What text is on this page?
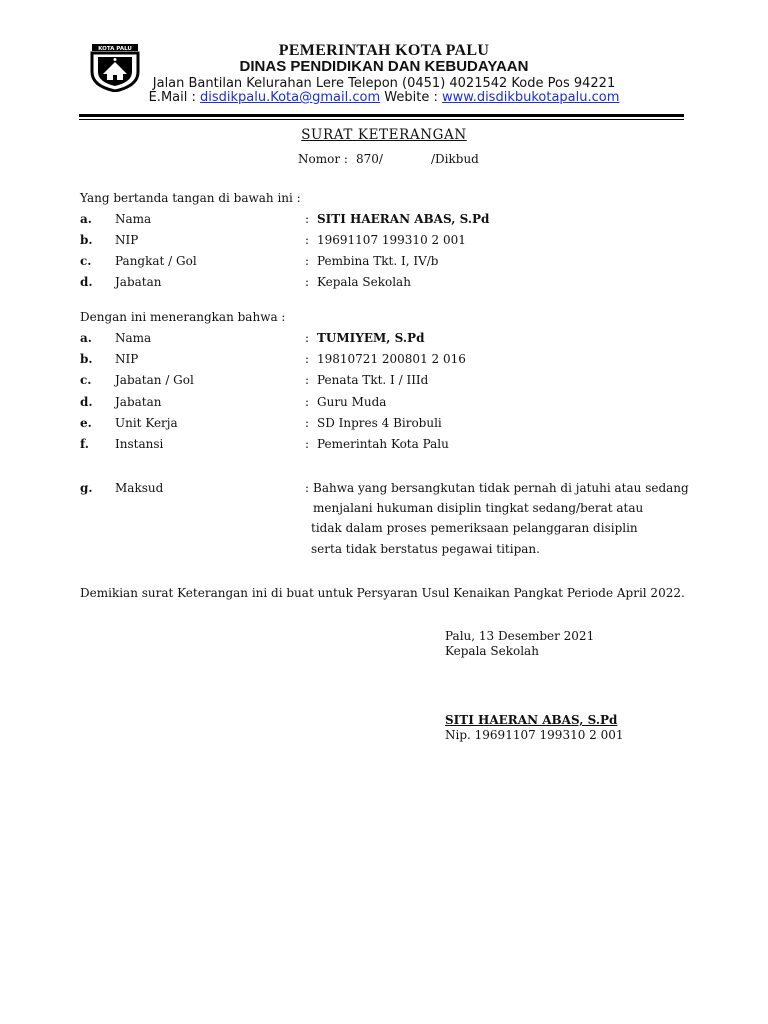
KOTA PALU	PEMERINTAH KOTA PALU
DINAS PENDIDIKAN DAN KEBUDAYAAN
Jalan Bantilan Kelurahan Lere Telepon (0451) 4021542 Kode Pos 94221
E.Mail : disdikpalu.Kota@gmail.com Webite : www.disdikbukotapalu.com
SURAT KETERANGAN
Nomor : 870/	/Dikbud
Yang bertanda tangan di bawah ini :
a. Nama	: SITI HAERAN ABAS, S.Pd
b. NIP	: 19691107 199310 2 001
c. Pangkat / Gol	: Pembina Tkt. I, IV/b
d. Jabatan	: Kepala Sekolah
Dengan ini menerangkan bahwa :
a. Nama	: TUMIYEM, S.Pd
b. NIP	: 19810721 200801 2 016
c. Jabatan / Gol	: Penata Tkt. I / IIId
d. Jabatan	: Guru Muda
e. Unit Kerja	: SD Inpres 4 Birobuli
f. Instansi	: Pemerintah Kota Palu
g. Maksud	: Bahwa yang bersangkutan tidak pernah di jatuhi atau sedang
menjalani hukuman disiplin tingkat sedang/berat atau
tidak dalam proses pemeriksaan pelanggaran disiplin
serta tidak berstatus pegawai titipan.
Demikian surat Keterangan ini di buat untuk Persyaran Usul Kenaikan Pangkat Periode April 2022.
Palu, 13 Desember 2021
Kepala Sekolah
SITI HAERAN ABAS, S.Pd
Nip. 19691107 199310 2 001
